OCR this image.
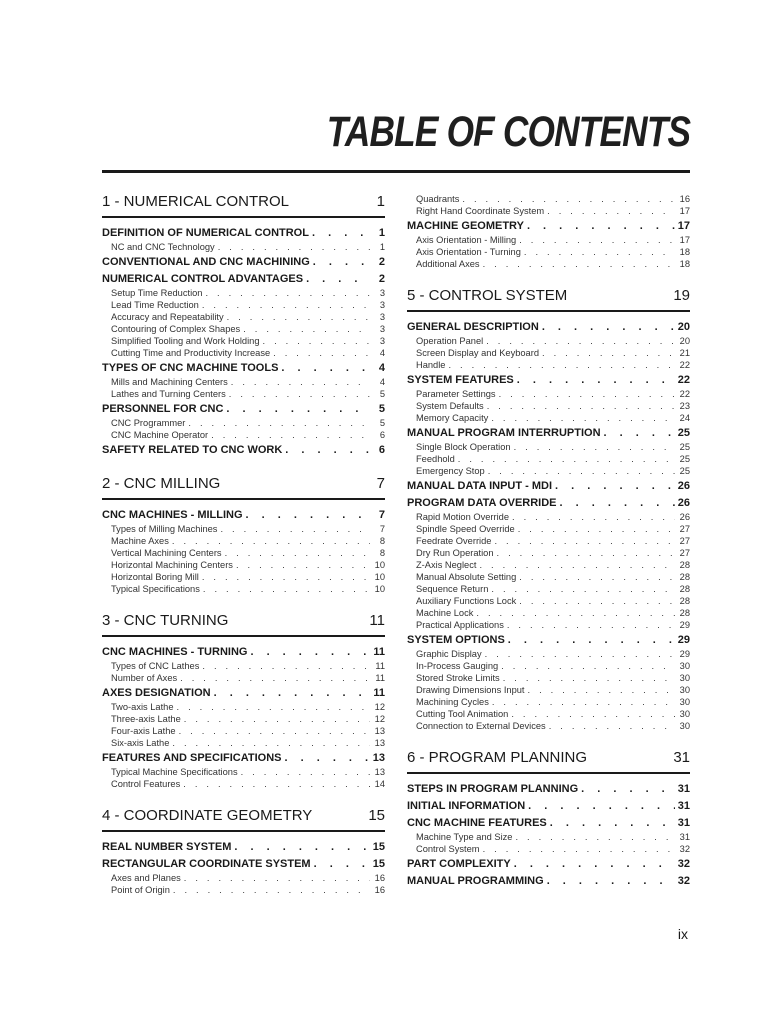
TABLE OF CONTENTS
1 - NUMERICAL CONTROL	1
DEFINITION OF NUMERICAL CONTROL . . .	1
NC and CNC Technology . . .	1
CONVENTIONAL AND CNC MACHINING . . .	2
NUMERICAL CONTROL ADVANTAGES . . .	2
Setup Time Reduction . . .	3
Lead Time Reduction . . .	3
Accuracy and Repeatability . . .	3
Contouring of Complex Shapes . . .	3
Simplified Tooling and Work Holding . . .	3
Cutting Time and Productivity Increase . . .	4
TYPES OF CNC MACHINE TOOLS . . .	4
Mills and Machining Centers . . .	4
Lathes and Turning Centers . . .	5
PERSONNEL FOR CNC . . .	5
CNC Programmer . . .	5
CNC Machine Operator . . .	6
SAFETY RELATED TO CNC WORK . . .	6
2 - CNC MILLING	7
CNC MACHINES - MILLING . . .	7
Types of Milling Machines . . .	7
Machine Axes . . .	8
Vertical Machining Centers . . .	8
Horizontal Machining Centers . . .	10
Horizontal Boring Mill . . .	10
Typical Specifications . . .	10
3 - CNC TURNING	11
CNC MACHINES - TURNING . . .	11
Types of CNC Lathes . . .	11
Number of Axes . . .	11
AXES DESIGNATION . . .	11
Two-axis Lathe . . .	12
Three-axis Lathe . . .	12
Four-axis Lathe . . .	13
Six-axis Lathe . . .	13
FEATURES AND SPECIFICATIONS . . .	13
Typical Machine Specifications . . .	13
Control Features . . .	14
4 - COORDINATE GEOMETRY	15
REAL NUMBER SYSTEM . . .	15
RECTANGULAR COORDINATE SYSTEM . . .	15
Axes and Planes . . .	16
Point of Origin . . .	16
Quadrants . . .	16
Right Hand Coordinate System . . .	17
MACHINE GEOMETRY . . .	17
Axis Orientation - Milling . . .	17
Axis Orientation - Turning . . .	18
Additional Axes . . .	18
5 - CONTROL SYSTEM	19
GENERAL DESCRIPTION . . .	20
Operation Panel . . .	20
Screen Display and Keyboard . . .	21
Handle . . .	22
SYSTEM FEATURES . . .	22
Parameter Settings . . .	22
System Defaults . . .	23
Memory Capacity . . .	24
MANUAL PROGRAM INTERRUPTION . . .	25
Single Block Operation . . .	25
Feedhold . . .	25
Emergency Stop . . .	25
MANUAL DATA INPUT - MDI . . .	26
PROGRAM DATA OVERRIDE . . .	26
Rapid Motion Override . . .	26
Spindle Speed Override . . .	27
Feedrate Override . . .	27
Dry Run Operation . . .	27
Z-Axis Neglect . . .	28
Manual Absolute Setting . . .	28
Sequence Return . . .	28
Auxiliary Functions Lock . . .	28
Machine Lock . . .	28
Practical Applications . . .	29
SYSTEM OPTIONS . . .	29
Graphic Display . . .	29
In-Process Gauging . . .	30
Stored Stroke Limits . . .	30
Drawing Dimensions Input . . .	30
Machining Cycles . . .	30
Cutting Tool Animation . . .	30
Connection to External Devices . . .	30
6 - PROGRAM PLANNING	31
STEPS IN PROGRAM PLANNING . . .	31
INITIAL INFORMATION . . .	31
CNC MACHINE FEATURES . . .	31
Machine Type and Size . . .	31
Control System . . .	32
PART COMPLEXITY . . .	32
MANUAL PROGRAMMING . . .	32
ix
